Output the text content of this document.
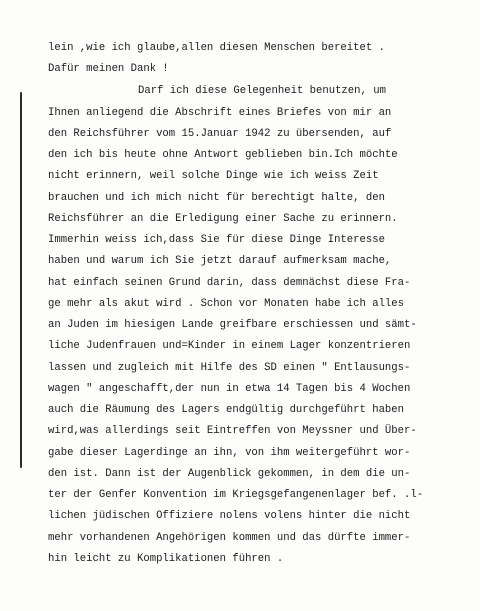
lein ,wie ich glaube,allen diesen Menschen bereitet .
Dafür meinen Dank !
Darf ich diese Gelegenheit benutzen, um
Ihnen anliegend die Abschrift eines Briefes von mir an
den Reichsführer vom 15.Januar 1942 zu übersenden, auf
den ich bis heute ohne Antwort geblieben bin.Ich möchte
nicht erinnern, weil solche Dinge wie ich weiss Zeit
brauchen und ich mich nicht für berechtigt halte, den
Reichsführer an die Erledigung einer Sache zu erinnern.
Immerhin weiss ich,dass Sie für diese Dinge Interesse
haben und warum ich Sie jetzt darauf aufmerksam mache,
hat einfach seinen Grund darin, dass demnächst diese Fra-
ge mehr als akut wird . Schon vor Monaten habe ich alles
an Juden im hiesigen Lande greifbare erschiessen und sämt-
liche Judenfrauen und=Kinder in einem Lager konzentrieren
lassen und zugleich mit Hilfe des SD einen " Entlausungs-
wagen " angeschafft,der nun in etwa 14 Tagen bis 4 Wochen
auch die Räumung des Lagers endgültig durchgeführt haben
wird,was allerdings seit Eintreffen von Meyssner und Über-
gabe dieser Lagerdinge an ihn, von ihm weitergeführt wor-
den ist. Dann ist der Augenblick gekommen, in dem die un-
ter der Genfer Konvention im Kriegsgefangenenlager bef. .l-
lichen jüdischen Offiziere nolens volens hinter die nicht
mehr vorhandenen Angehörigen kommen und das dürfte immer-
hin leicht zu Komplikationen führen .
